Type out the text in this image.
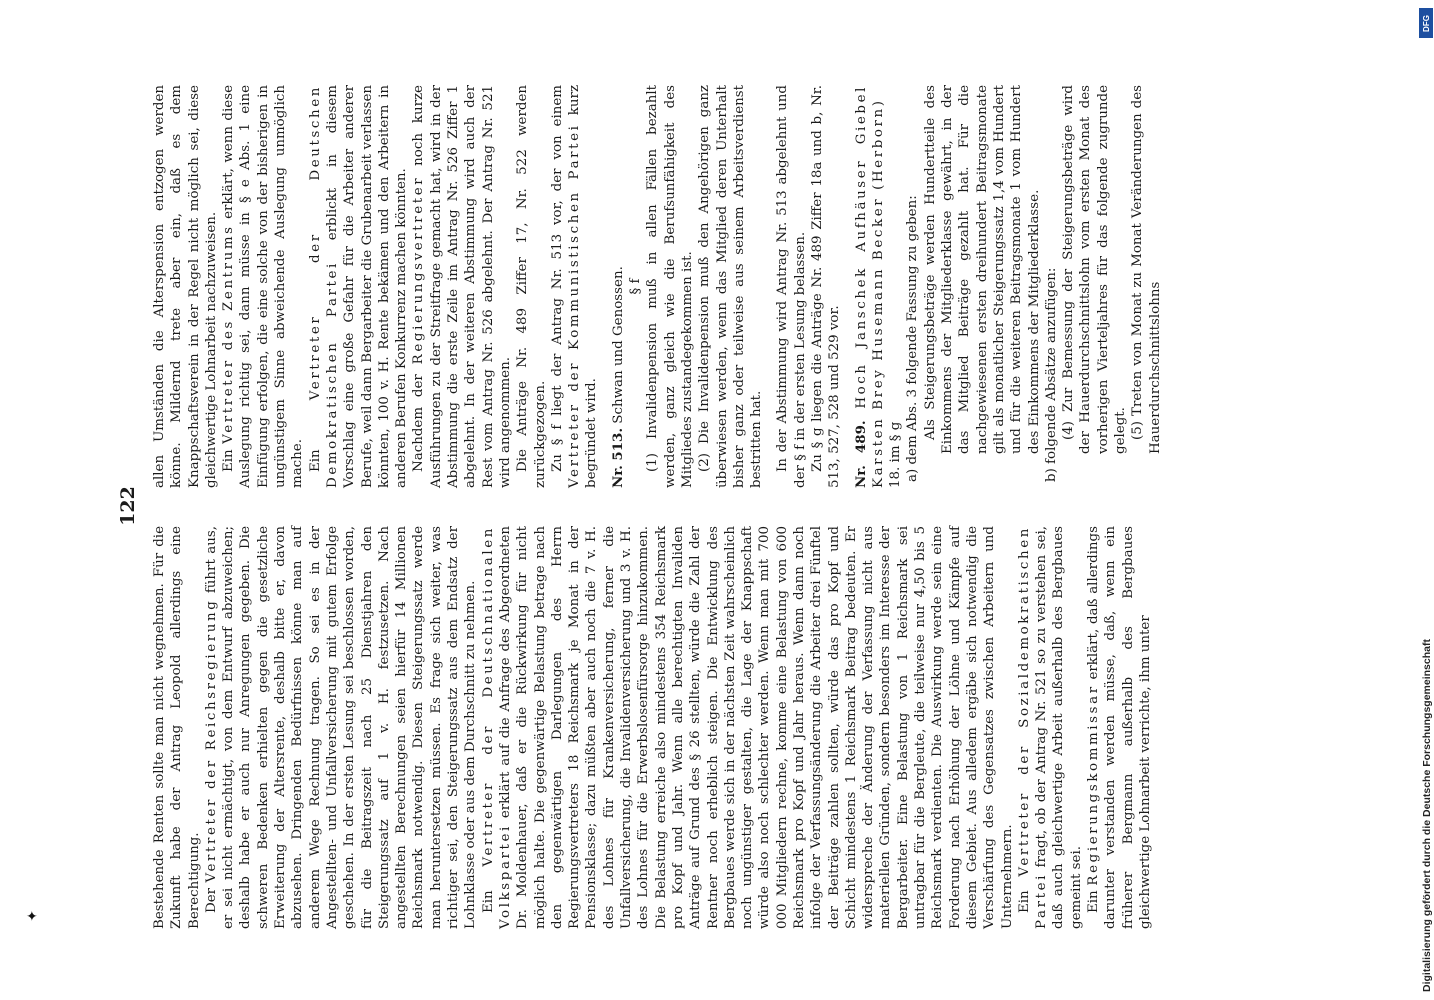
122

Bestehende Renten sollte man nicht wegnehmen. Für die Zukunft habe der Antrag Leopold allerdings eine Berechtigung. Der Vertreter der Reichsregierung führt aus, er sei nicht ermächtigt, von dem Entwurf abzuweichen; deshalb habe er auch nur Anregungen gegeben. Die schweren Bedenken erhielten gegen die gesetzliche Erweiterung der Altersrente, deshalb bitte er, davon abzusehen. Dringenden Bedürfnissen könne man auf anderem Wege Rechnung tragen. So sei es in der Angestellten- und Unfallversicherung mit gutem Erfolge geschehen. In der ersten Lesung sei beschlossen worden, für die Beitragszeit nach 25 Dienstjahren den Steigerungssatz auf 1 v. H. festzusetzen. Nach angestellten Berechnungen seien hierfür 14 Millionen Reichsmark notwendig. Diesen Steigerungssatz werde man heruntersetzen müssen. Es frage sich weiter, was richtiger sei, den Steigerungssatz aus dem Endsatz der Lohnklasse oder aus dem Durchschnitt zu nehmen. Ein Vertreter der Deutschnationalen Volkspartei erklärt auf die Anfrage des Abgeordneten Dr. Moldenhauer, daß er die Rückwirkung für nicht möglich halte. Die gegenwärtige Belastung betrage nach den gegenwärtigen Darlegungen des Herrn Regierungsvertreters 18 Reichsmark je Monat in der Pensionsklasse; dazu müßten aber auch noch die 7 v. H. des Lohnes für Krankenversicherung, ferner die Unfallversicherung, die Invalidenversicherung und 3 v. H. des Lohnes für die Erwerbslosenfürsorge hinzukommen. Die Belastung erreiche also mindestens 354 Reichsmark pro Kopf und Jahr. Wenn alle berechtigten Invaliden Anträge auf Grund des § 26 stellten, würde die Zahl der Rentner noch erheblich steigen. Die Entwicklung des Bergbaues werde sich in der nächsten Zeit wahrscheinlich noch ungünstiger gestalten, die Lage der Knappschaft würde also noch schlechter werden. Wenn man mit 700 000 Mitgliedern rechne, komme eine Belastung von 600 Reichsmark pro Kopf und Jahr heraus. Wenn dann noch infolge der Verfassungsänderung die Arbeiter drei Fünftel der Beiträge zahlen sollten, würde das pro Kopf und Schicht mindestens 1 Reichsmark Beitrag bedeuten. Er widerspreche der Änderung der Verfassung nicht aus materiellen Gründen, sondern besonders im Interesse der Bergarbeiter. Eine Belastung von 1 Reichsmark sei untragbar für die Bergleute, die teilweise nur 4,50 bis 5 Reichsmark verdienten. Die Auswirkung werde sein eine Forderung nach Erhöhung der Löhne und Kämpfe auf diesem Gebiet. Aus alledem ergäbe sich notwendig die Verschärfung des Gegensatzes zwischen Arbeitern und Unternehmern. Ein Vertreter der Sozialdemokratischen Partei fragt, ob der Antrag Nr. 521 so zu verstehen sei, daß auch gleichwertige Arbeit außerhalb des Bergbaues gemeint sei. Ein Regierungskommissar erklärt, daß allerdings darunter verstanden werden müsse, daß, wenn ein früherer Bergmann außerhalb des Bergbaues gleichwertige Lohnarbeit verrichte, ihm unter

allen Umständen die Alterspension entzogen werden könne. Mildernd trete aber ein, daß es dem Knappschaftsverein in der Regel nicht möglich sei, diese gleichwertige Lohnarbeit nachzuweisen. Ein Vertreter des Zentrums erklärt, wenn diese Auslegung richtig sei, dann müsse in § e Abs. 1 eine Einfügung erfolgen, die eine solche von der bisherigen in ungünstigem Sinne abweichende Auslegung unmöglich mache. Ein Vertreter der Deutschen Demokratischen Partei erblickt in diesem Vorschlag eine große Gefahr für die Arbeiter anderer Berufe, weil dann Bergarbeiter die Grubenarbeit verlassen könnten, 100 v. H. Rente bekämen und den Arbeitern in anderen Berufen Konkurrenz machen könnten. Nachdem der Regierungsvertreter noch kurze Ausführungen zu der Streitfrage gemacht hat, wird in der Abstimmung die erste Zeile im Antrag Nr. 526 Ziffer 1 abgelehnt. In der weiteren Abstimmung wird auch der Rest vom Antrag Nr. 526 abgelehnt. Der Antrag Nr. 521 wird angenommen. Die Anträge Nr. 489 Ziffer 17, Nr. 522 werden zurückgezogen. Zu § f liegt der Antrag Nr. 513 vor, der von einem Vertreter der Kommunistischen Partei kurz begründet wird. Nr. 513. Schwan und Genossen. § f (1) Invalidenpension muß in allen Fällen bezahlt werden, ganz gleich wie die Berufsunfähigkeit des Mitgliedes zustandegekommen ist. (2) Die Invalidenpension muß den Angehörigen ganz überwiesen werden, wenn das Mitglied deren Unterhalt bisher ganz oder teilweise aus seinem Arbeitsverdienst bestritten hat. In der Abstimmung wird Antrag Nr. 513 abgelehnt und der § f in der ersten Lesung belassen. Zu § g liegen die Anträge Nr. 489 Ziffer 18a und b, Nr. 513, 527, 528 und 529 vor. Nr. 489. Hoch Janschek Aufhäuser Giebel Karsten Brey Husemann Becker (Herborn) 18. im § g a) dem Abs. 3 folgende Fassung zu geben: Als Steigerungsbeträge werden Hundertteile des Einkommens der Mitgliederklasse gewährt, in der das Mitglied Beiträge gezahlt hat. Für die nachgewiesenen ersten dreihundert Beitragsmonate gilt als monatlicher Steigerungssatz 1,4 vom Hundert und für die weiteren Beitragsmonate 1 vom Hundert des Einkommens der Mitgliederklasse. b) folgende Absätze anzufügen: (4) Zur Bemessung der Steigerungsbeträge wird der Hauerdurchschnittslohn vom ersten Monat des vorherigen Vierteljahres für das folgende zugrunde gelegt. (5) Treten von Monat zu Monat Veränderungen des Hauerdurchschnittslohns

✦	Digitalisierung gefördert durch die Deutsche Forschungsgemeinschaft
DFG
